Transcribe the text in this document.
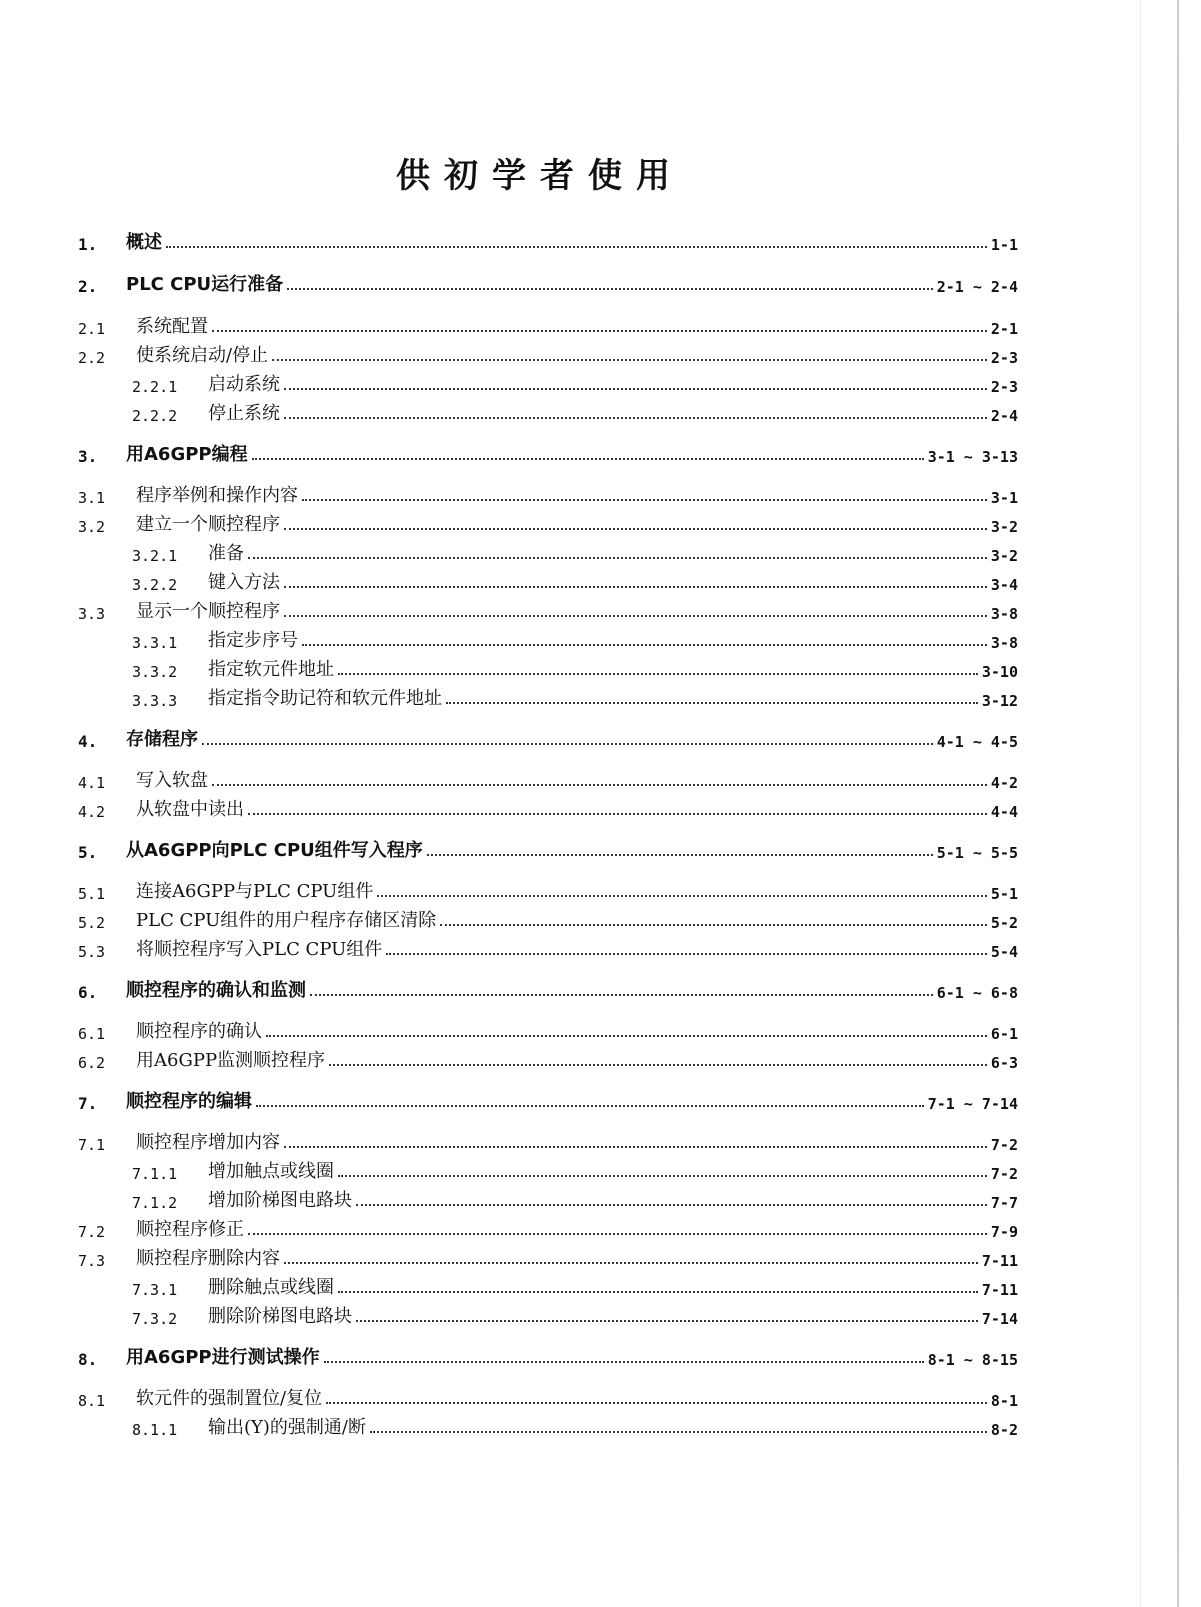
供初学者使用
1.	概述	1-1
2.	PLC CPU运行准备	2-1 ~ 2-4
2.1	系统配置	2-1
2.2	使系统启动/停止	2-3
2.2.1	启动系统	2-3
2.2.2	停止系统	2-4
3.	用A6GPP编程	3-1 ~ 3-13
3.1	程序举例和操作内容	3-1
3.2	建立一个顺控程序	3-2
3.2.1	准备	3-2
3.2.2	键入方法	3-4
3.3	显示一个顺控程序	3-8
3.3.1	指定步序号	3-8
3.3.2	指定软元件地址	3-10
3.3.3	指定指令助记符和软元件地址	3-12
4.	存储程序	4-1 ~ 4-5
4.1	写入软盘	4-2
4.2	从软盘中读出	4-4
5.	从A6GPP向PLC CPU组件写入程序	5-1 ~ 5-5
5.1	连接A6GPP与PLC CPU组件	5-1
5.2	PLC CPU组件的用户程序存储区清除	5-2
5.3	将顺控程序写入PLC CPU组件	5-4
6.	顺控程序的确认和监测	6-1 ~ 6-8
6.1	顺控程序的确认	6-1
6.2	用A6GPP监测顺控程序	6-3
7.	顺控程序的编辑	7-1 ~ 7-14
7.1	顺控程序增加内容	7-2
7.1.1	增加触点或线圈	7-2
7.1.2	增加阶梯图电路块	7-7
7.2	顺控程序修正	7-9
7.3	顺控程序删除内容	7-11
7.3.1	删除触点或线圈	7-11
7.3.2	删除阶梯图电路块	7-14
8.	用A6GPP进行测试操作	8-1 ~ 8-15
8.1	软元件的强制置位/复位	8-1
8.1.1	输出(Y)的强制通/断	8-2
